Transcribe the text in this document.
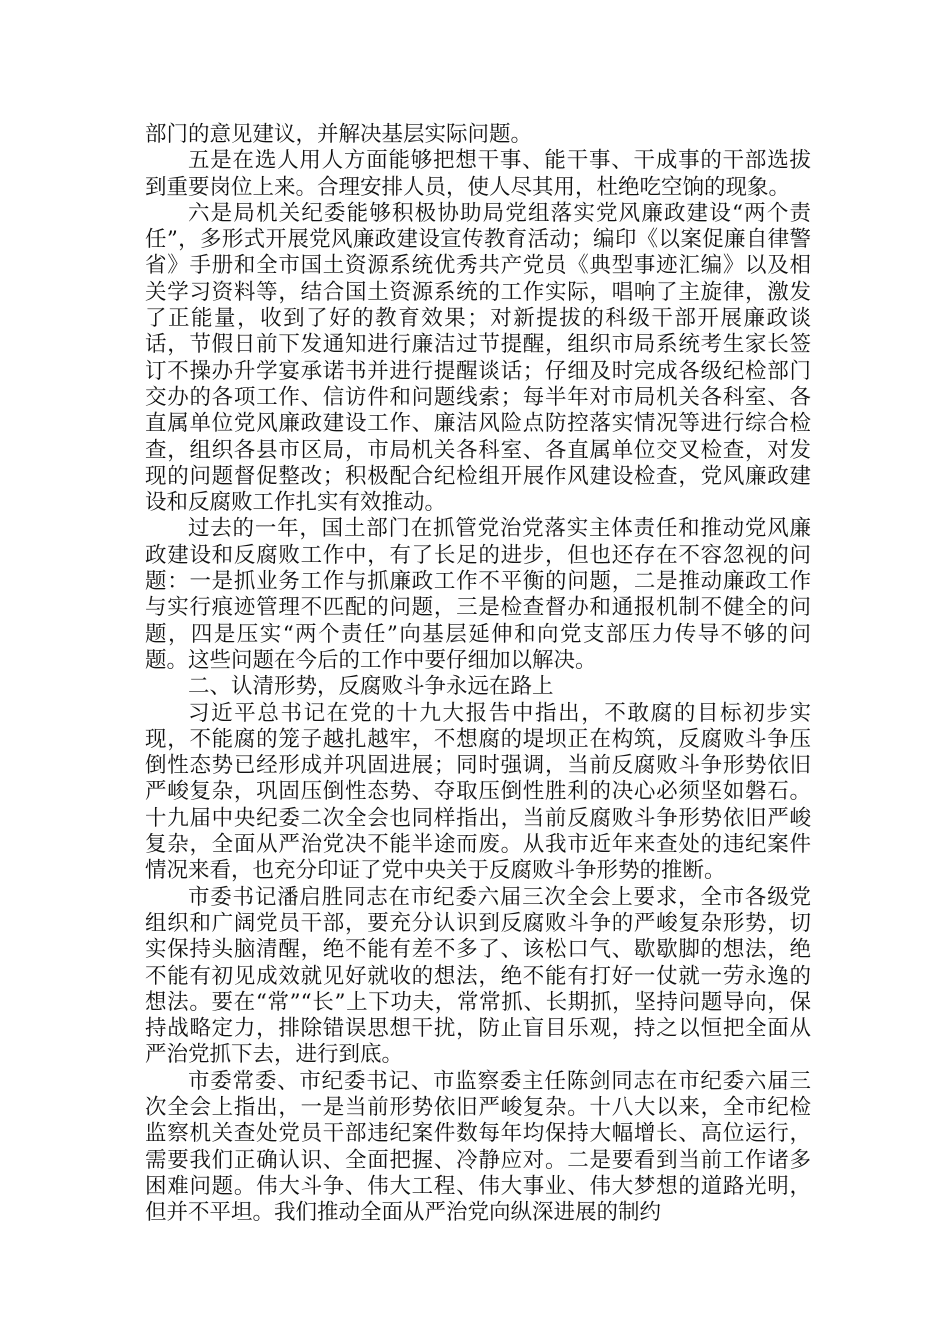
部门的意见建议，并解决基层实际问题。

五是在选人用人方面能够把想干事、能干事、干成事的干部选拔到重要岗位上来。合理安排人员，使人尽其用，杜绝吃空饷的现象。

六是局机关纪委能够积极协助局党组落实党风廉政建设“两个责任”，多形式开展党风廉政建设宣传教育活动；编印《以案促廉自律警省》手册和全市国土资源系统优秀共产党员《典型事迹汇编》以及相关学习资料等，结合国土资源系统的工作实际，唱响了主旋律，激发了正能量，收到了好的教育效果；对新提拔的科级干部开展廉政谈话，节假日前下发通知进行廉洁过节提醒，组织市局系统考生家长签订不操办升学宴承诺书并进行提醒谈话；仔细及时完成各级纪检部门交办的各项工作、信访件和问题线索；每半年对市局机关各科室、各直属单位党风廉政建设工作、廉洁风险点防控落实情况等进行综合检查，组织各县市区局，市局机关各科室、各直属单位交叉检查，对发现的问题督促整改；积极配合纪检组开展作风建设检查，党风廉政建设和反腐败工作扎实有效推动。

过去的一年，国土部门在抓管党治党落实主体责任和推动党风廉政建设和反腐败工作中，有了长足的进步，但也还存在不容忽视的问题：一是抓业务工作与抓廉政工作不平衡的问题，二是推动廉政工作与实行痕迹管理不匹配的问题，三是检查督办和通报机制不健全的问题，四是压实“两个责任”向基层延伸和向党支部压力传导不够的问题。这些问题在今后的工作中要仔细加以解决。

二、认清形势，反腐败斗争永远在路上

习近平总书记在党的十九大报告中指出，不敢腐的目标初步实现，不能腐的笼子越扎越牢，不想腐的堤坝正在构筑，反腐败斗争压倒性态势已经形成并巩固进展；同时强调，当前反腐败斗争形势依旧严峻复杂，巩固压倒性态势、夺取压倒性胜利的决心必须坚如磐石。十九届中央纪委二次全会也同样指出，当前反腐败斗争形势依旧严峻复杂，全面从严治党决不能半途而废。从我市近年来查处的违纪案件情况来看，也充分印证了党中央关于反腐败斗争形势的推断。

市委书记潘启胜同志在市纪委六届三次全会上要求，全市各级党组织和广阔党员干部，要充分认识到反腐败斗争的严峻复杂形势，切实保持头脑清醒，绝不能有差不多了、该松口气、歇歇脚的想法，绝不能有初见成效就见好就收的想法，绝不能有打好一仗就一劳永逸的想法。要在“常”“长”上下功夫，常常抓、长期抓，坚持问题导向，保持战略定力，排除错误思想干扰，防止盲目乐观，持之以恒把全面从严治党抓下去，进行到底。

市委常委、市纪委书记、市监察委主任陈剑同志在市纪委六届三次全会上指出，一是当前形势依旧严峻复杂。十八大以来，全市纪检监察机关查处党员干部违纪案件数每年均保持大幅增长、高位运行，需要我们正确认识、全面把握、冷静应对。二是要看到当前工作诸多困难问题。伟大斗争、伟大工程、伟大事业、伟大梦想的道路光明，但并不平坦。我们推动全面从严治党向纵深进展的制约
